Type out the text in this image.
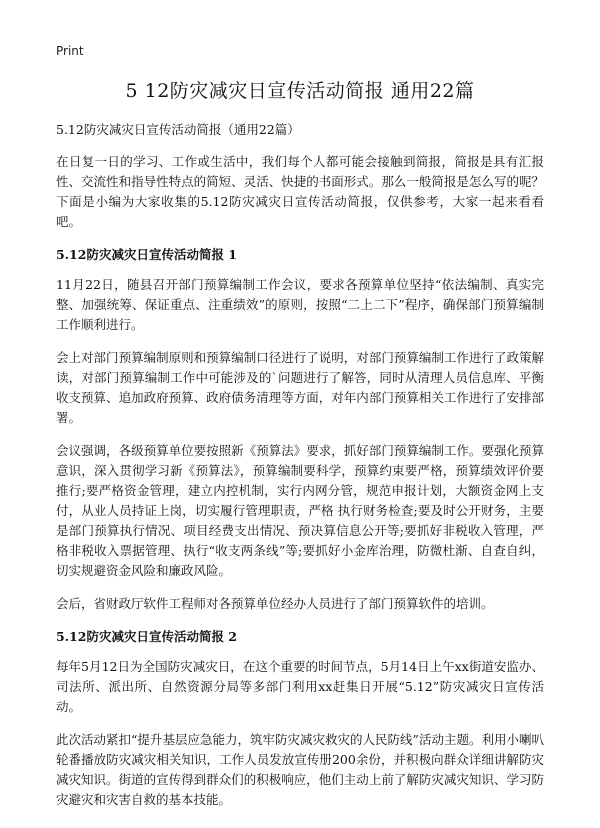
Print
5 12防灾减灾日宣传活动简报 通用22篇
5.12防灾减灾日宣传活动简报（通用22篇）

在日复一日的学习、工作或生活中，我们每个人都可能会接触到简报，简报是具有汇报性、交流性和指导性特点的简短、灵活、快捷的书面形式。那么一般简报是怎么写的呢？下面是小编为大家收集的5.12防灾减灾日宣传活动简报，仅供参考，大家一起来看看吧。

5.12防灾减灾日宣传活动简报 1

11月22日，随县召开部门预算编制工作会议，要求各预算单位坚持“依法编制、真实完整、加强统筹、保证重点、注重绩效”的原则，按照“二上二下”程序，确保部门预算编制工作顺利进行。

会上对部门预算编制原则和预算编制口径进行了说明，对部门预算编制工作进行了政策解读，对部门预算编制工作中可能涉及的`问题进行了解答，同时从清理人员信息库、平衡收支预算、追加政府预算、政府债务清理等方面，对年内部门预算相关工作进行了安排部署。

会议强调，各级预算单位要按照新《预算法》要求，抓好部门预算编制工作。要强化预算意识，深入贯彻学习新《预算法》，预算编制要科学，预算约束要严格，预算绩效评价要推行;要严格资金管理，建立内控机制，实行内网分管，规范申报计划，大额资金网上支付，从业人员持证上岗，切实履行管理职责，严格 执行财务检查;要及时公开财务，主要是部门预算执行情况、项目经费支出情况、预决算信息公开等;要抓好非税收入管理，严格非税收入票据管理、执行“收支两条线”等;要抓好小金库治理，防微杜渐、自查自纠，切实规避资金风险和廉政风险。

会后，省财政厅软件工程师对各预算单位经办人员进行了部门预算软件的培训。

5.12防灾减灾日宣传活动简报 2

每年5月12日为全国防灾减灾日，在这个重要的时间节点，5月14日上午xx街道安监办、司法所、派出所、自然资源分局等多部门利用xx赶集日开展“5.12”防灾减灾日宣传活动。

此次活动紧扣“提升基层应急能力，筑牢防灾减灾救灾的人民防线”活动主题。利用小喇叭轮番播放防灾减灾相关知识，工作人员发放宣传册200余份，并积极向群众详细讲解防灾减灾知识。街道的宣传得到群众们的积极响应，他们主动上前了解防灾减灾知识、学习防灾避灾和灾害自救的基本技能。
